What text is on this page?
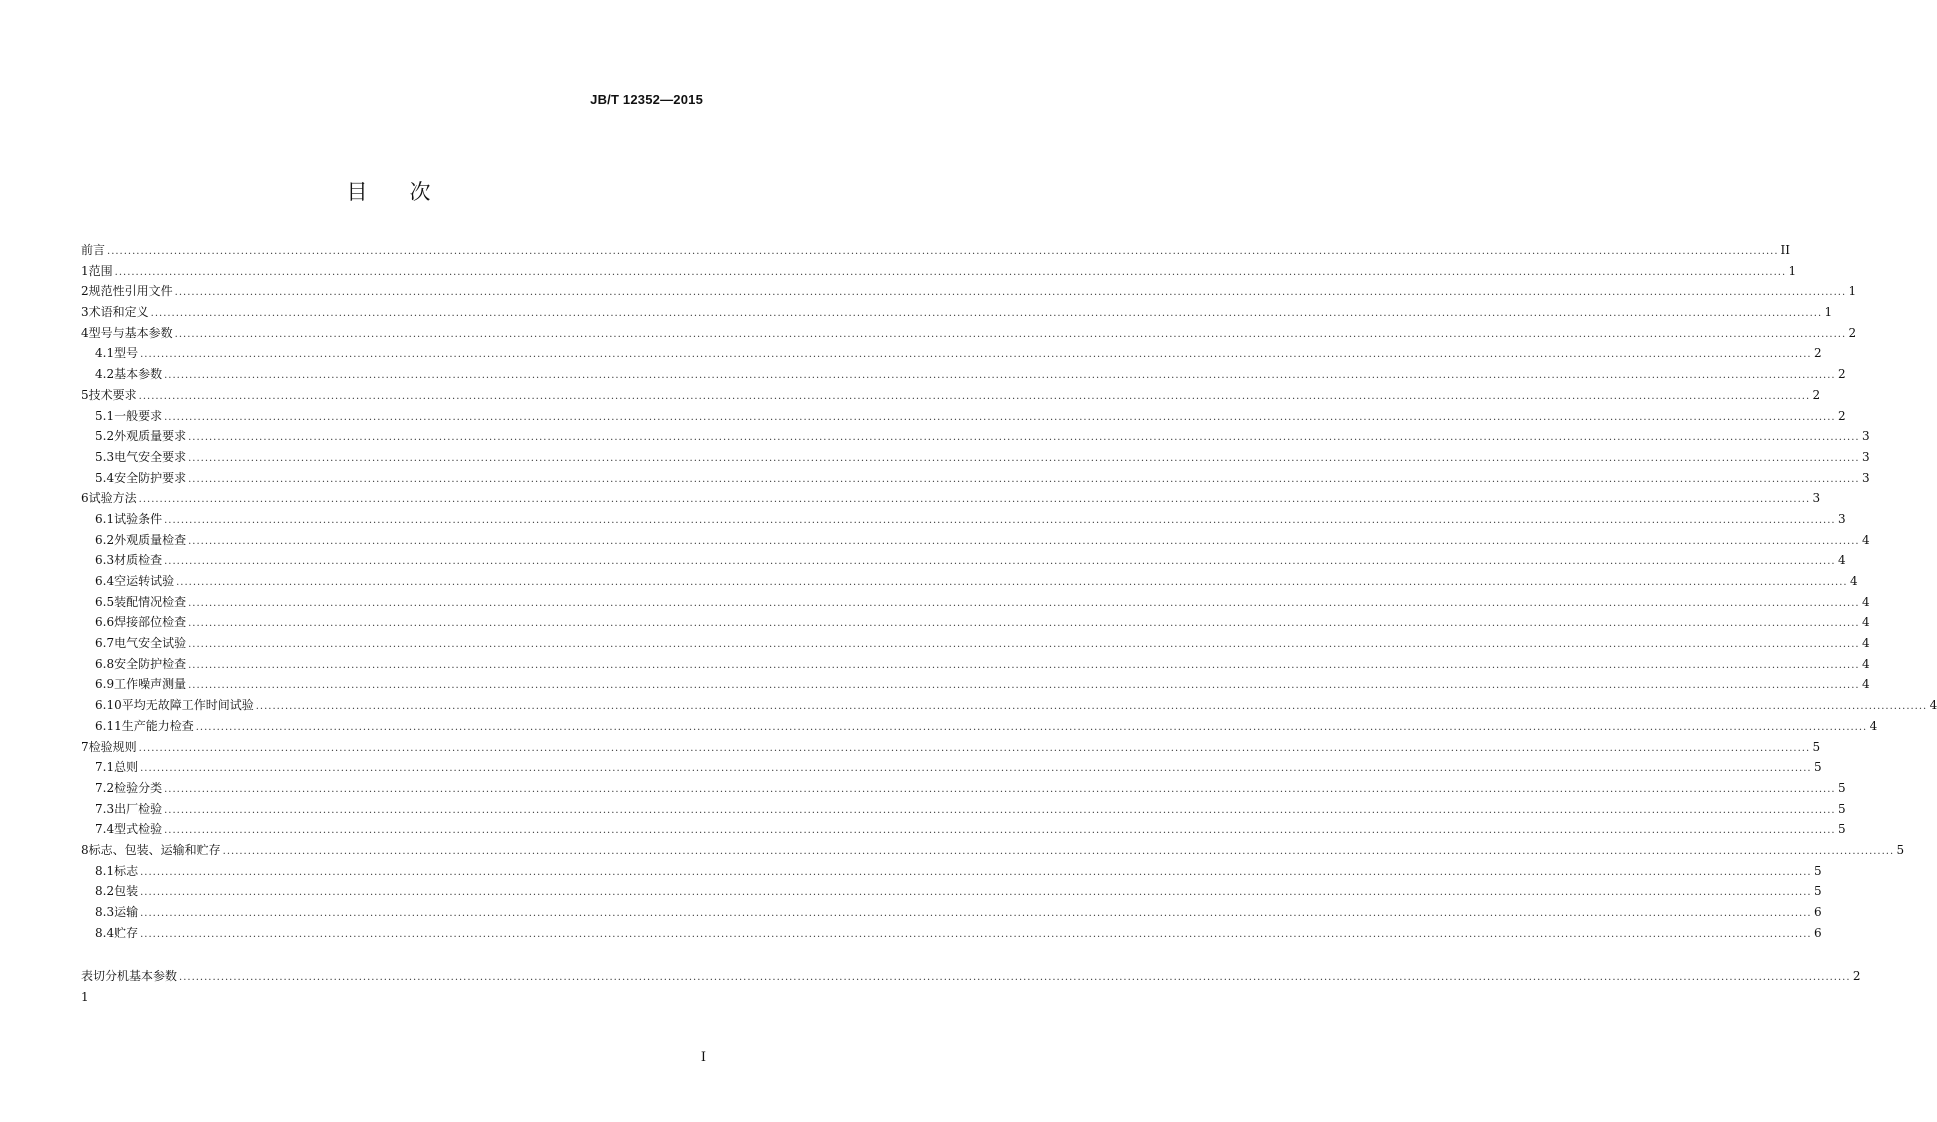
JB/T 12352—2015
目次
前言 ................................................................................................................................................................................................................................................................................................................................................................................................................ II
1 范围 ................................................................................................................................................................................................................................................................................................................................................................................................................ 1
2 规范性引用文件 ................................................................................................................................................................................................................................................................................................................................................................................................................ 1
3 术语和定义 ................................................................................................................................................................................................................................................................................................................................................................................................................ 1
4 型号与基本参数 ................................................................................................................................................................................................................................................................................................................................................................................................................ 2
4.1 型号 ................................................................................................................................................................................................................................................................................................................................................................................................................ 2
4.2 基本参数 ................................................................................................................................................................................................................................................................................................................................................................................................................ 2
5 技术要求 ................................................................................................................................................................................................................................................................................................................................................................................................................ 2
5.1 一般要求 ................................................................................................................................................................................................................................................................................................................................................................................................................ 2
5.2 外观质量要求 ................................................................................................................................................................................................................................................................................................................................................................................................................ 3
5.3 电气安全要求 ................................................................................................................................................................................................................................................................................................................................................................................................................ 3
5.4 安全防护要求 ................................................................................................................................................................................................................................................................................................................................................................................................................ 3
6 试验方法 ................................................................................................................................................................................................................................................................................................................................................................................................................ 3
6.1 试验条件 ................................................................................................................................................................................................................................................................................................................................................................................................................ 3
6.2 外观质量检查 ................................................................................................................................................................................................................................................................................................................................................................................................................ 4
6.3 材质检查 ................................................................................................................................................................................................................................................................................................................................................................................................................ 4
6.4 空运转试验 ................................................................................................................................................................................................................................................................................................................................................................................................................ 4
6.5 装配情况检查 ................................................................................................................................................................................................................................................................................................................................................................................................................ 4
6.6 焊接部位检查 ................................................................................................................................................................................................................................................................................................................................................................................................................ 4
6.7 电气安全试验 ................................................................................................................................................................................................................................................................................................................................................................................................................ 4
6.8 安全防护检查 ................................................................................................................................................................................................................................................................................................................................................................................................................ 4
6.9 工作噪声测量 ................................................................................................................................................................................................................................................................................................................................................................................................................ 4
6.10 平均无故障工作时间试验 ................................................................................................................................................................................................................................................................................................................................................................................................................ 4
6.11 生产能力检查 ................................................................................................................................................................................................................................................................................................................................................................................................................ 4
7 检验规则 ................................................................................................................................................................................................................................................................................................................................................................................................................ 5
7.1 总则 ................................................................................................................................................................................................................................................................................................................................................................................................................ 5
7.2 检验分类 ................................................................................................................................................................................................................................................................................................................................................................................................................ 5
7.3 出厂检验 ................................................................................................................................................................................................................................................................................................................................................................................................................ 5
7.4 型式检验 ................................................................................................................................................................................................................................................................................................................................................................................................................ 5
8 标志、包装、运输和贮存 ................................................................................................................................................................................................................................................................................................................................................................................................................ 5
8.1 标志 ................................................................................................................................................................................................................................................................................................................................................................................................................ 5
8.2 包装 ................................................................................................................................................................................................................................................................................................................................................................................................................ 5
8.3 运输 ................................................................................................................................................................................................................................................................................................................................................................................................................ 6
8.4 贮存 ................................................................................................................................................................................................................................................................................................................................................................................................................ 6
表1
切分机基本参数 ................................................................................................................................................................................................................................................................................................................................................................................................................ 2
I
